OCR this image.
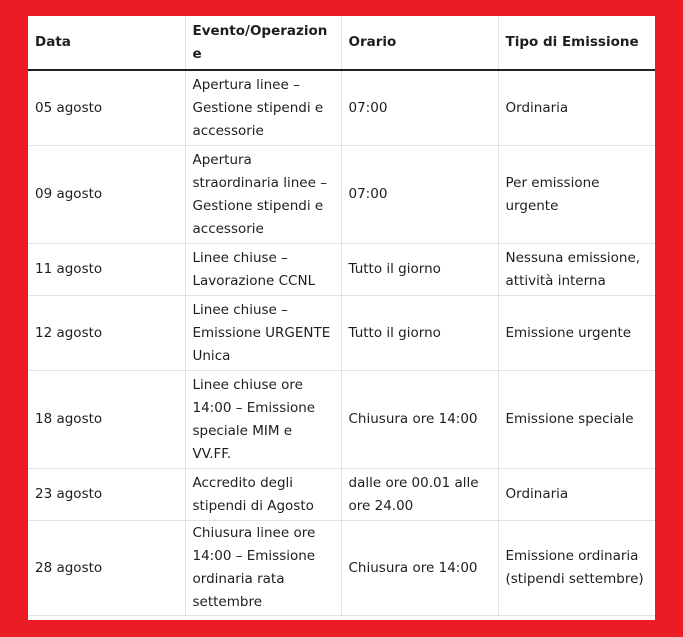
Data	Evento/Operazione	Orario	Tipo di Emissione
05 agosto	Apertura linee – Gestione stipendi e accessorie	07:00	Ordinaria
09 agosto	Apertura straordinaria linee – Gestione stipendi e accessorie	07:00	Per emissione urgente
11 agosto	Linee chiuse – Lavorazione CCNL	Tutto il giorno	Nessuna emissione, attività interna
12 agosto	Linee chiuse – Emissione URGENTE Unica	Tutto il giorno	Emissione urgente
18 agosto	Linee chiuse ore 14:00 – Emissione speciale MIM e VV.FF.	Chiusura ore 14:00	Emissione speciale
23 agosto	Accredito degli stipendi di Agosto	dalle ore 00.01 alle ore 24.00	Ordinaria
28 agosto	Chiusura linee ore 14:00 – Emissione ordinaria rata settembre	Chiusura ore 14:00	Emissione ordinaria (stipendi settembre)
